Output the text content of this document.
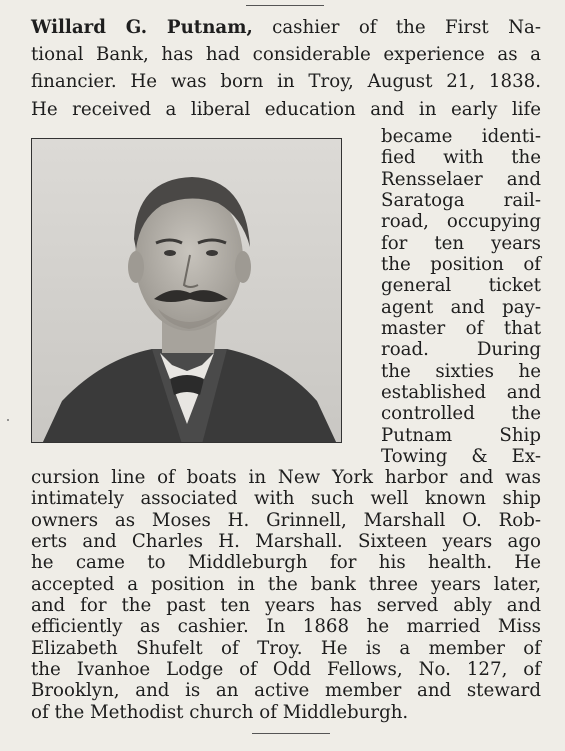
Willard G. Putnam, cashier of the First Na-
tional Bank, has had considerable experience as a
financier. He was born in Troy, August 21, 1838.
He received a liberal education and in early life
became identi-
fied with the
Rensselaer and
Saratoga rail-
road, occupying
for ten years
the position of
general ticket
agent and pay-
master of that
road. During
the sixties he
established and
controlled the
Putnam Ship
Towing & Ex-
cursion line of boats in New York harbor and was
intimately associated with such well known ship
owners as Moses H. Grinnell, Marshall O. Rob-
erts and Charles H. Marshall. Sixteen years ago
he came to Middleburgh for his health. He
accepted a position in the bank three years later,
and for the past ten years has served ably and
efficiently as cashier. In 1868 he married Miss
Elizabeth Shufelt of Troy. He is a member of
the Ivanhoe Lodge of Odd Fellows, No. 127, of
Brooklyn, and is an active member and steward
of the Methodist church of Middleburgh.
